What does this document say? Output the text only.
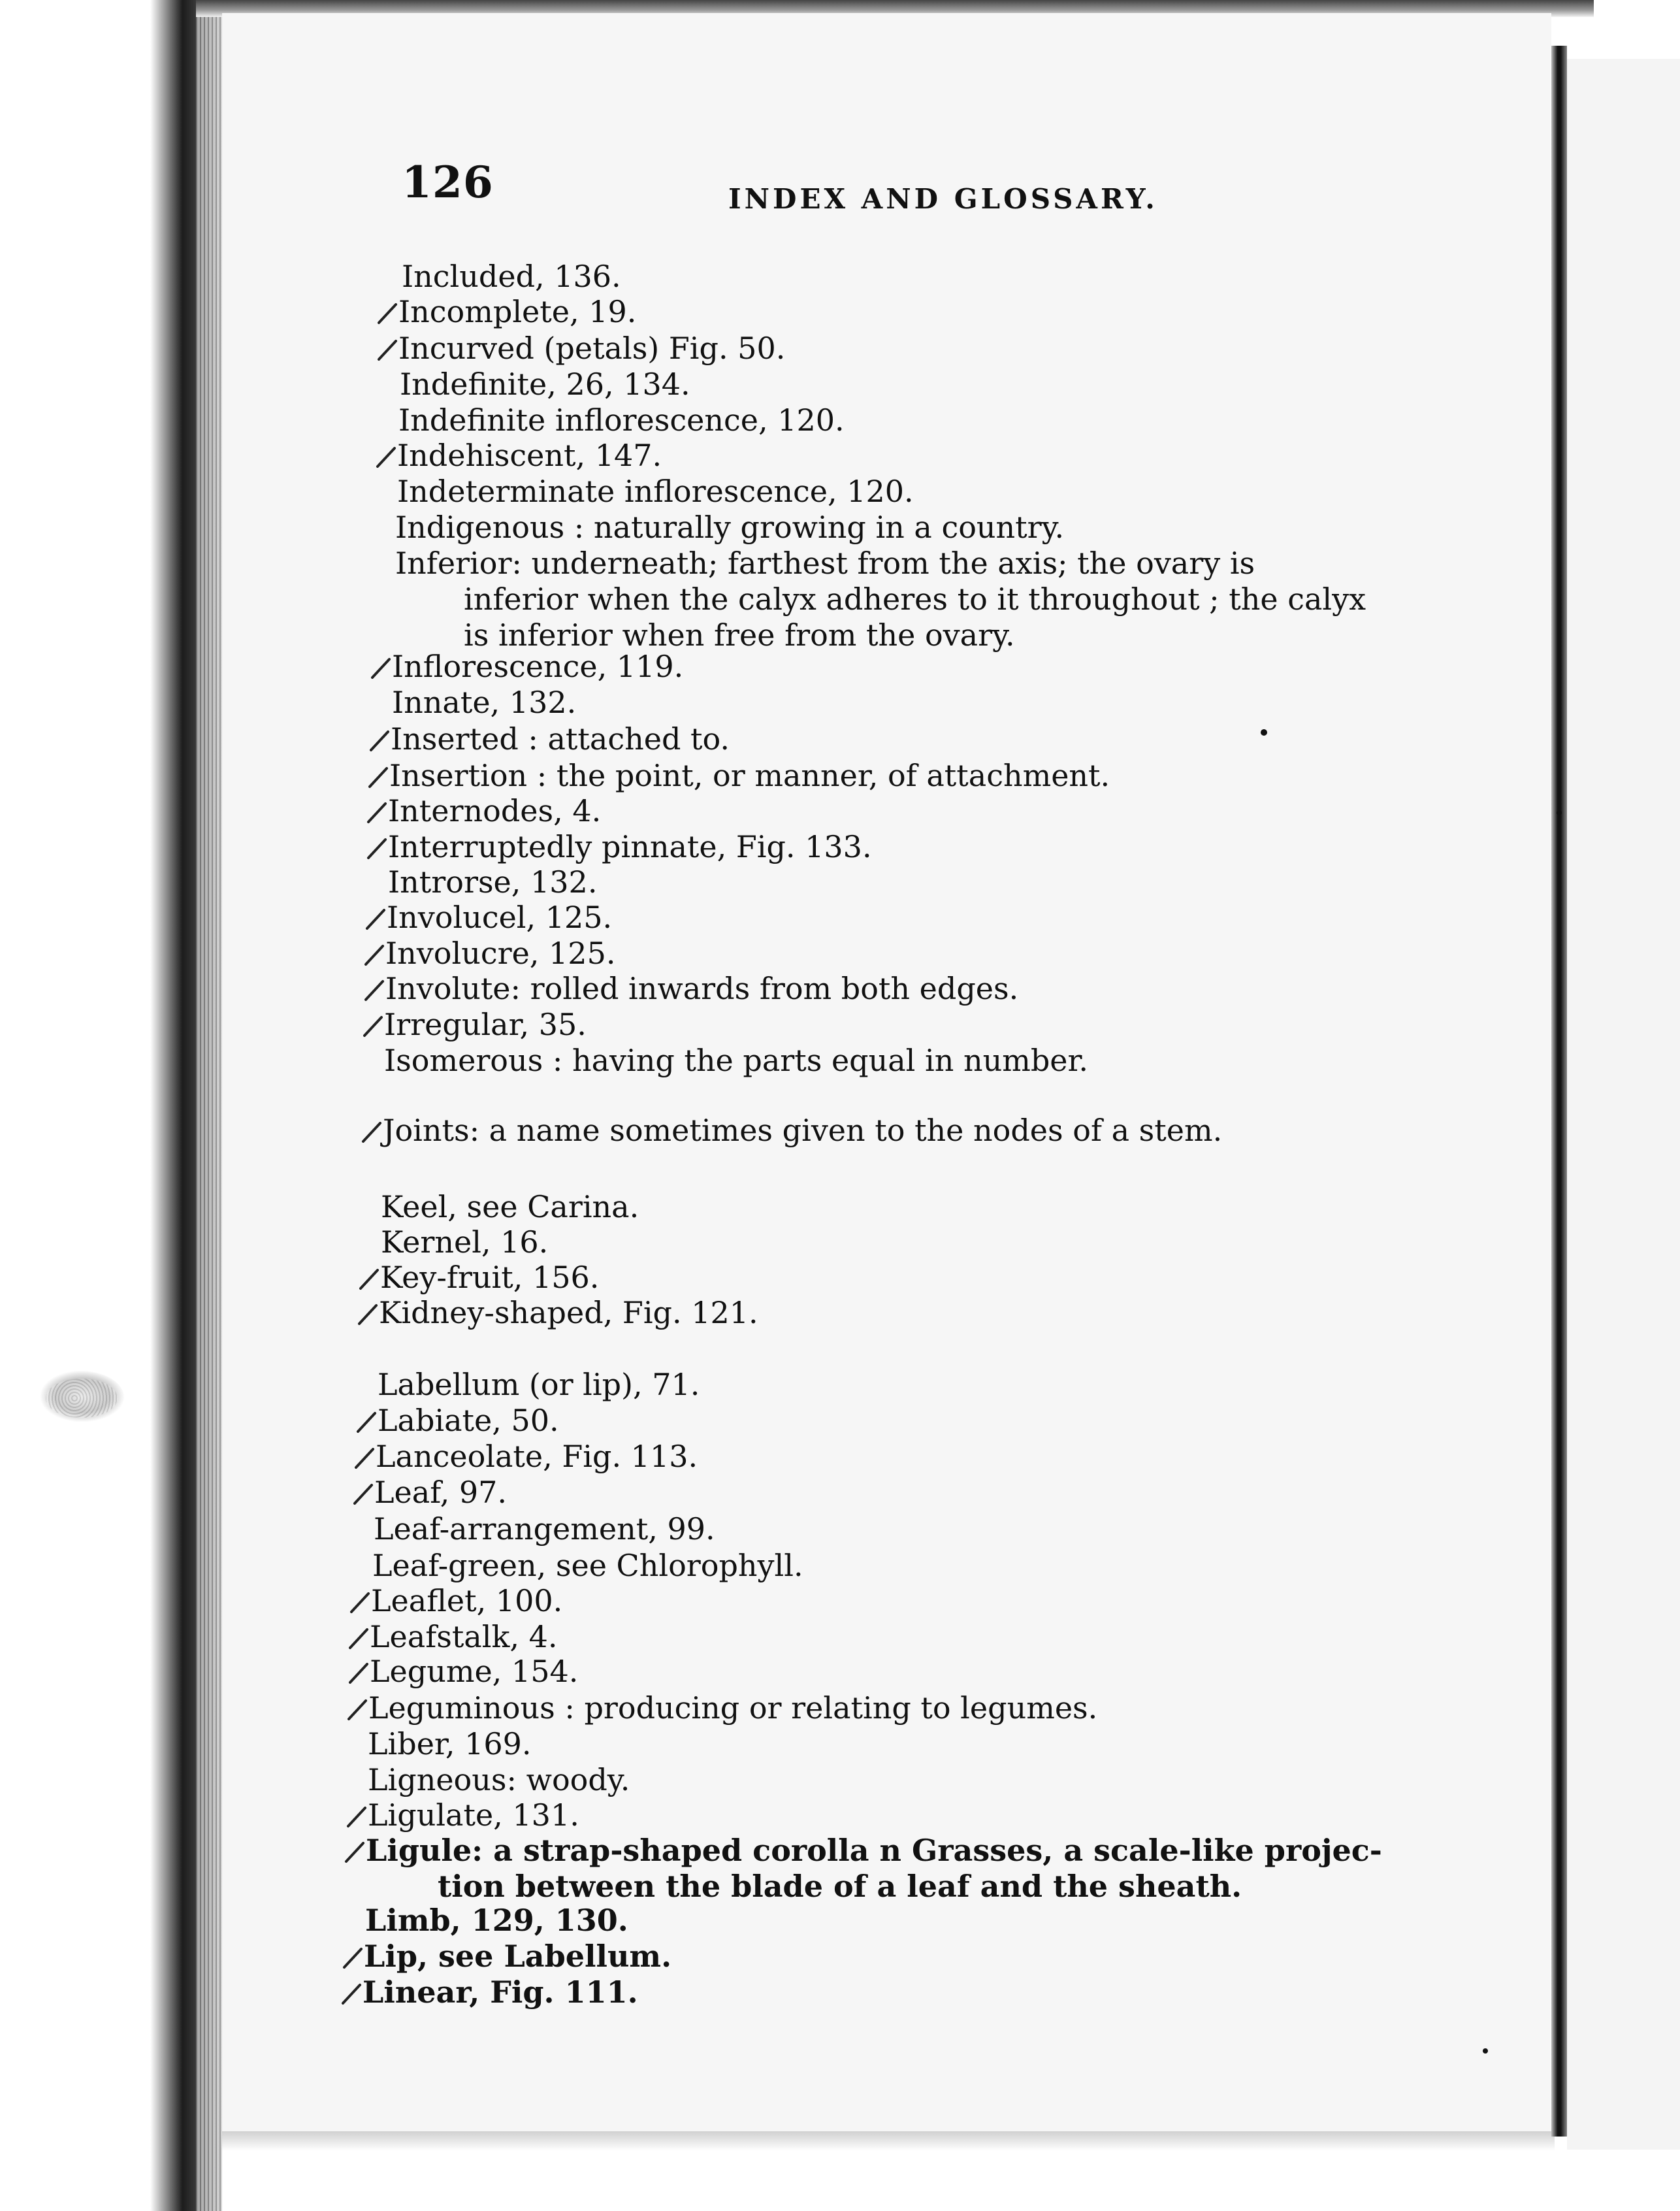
126	INDEX AND GLOSSARY.
Included, 136.
Incomplete, 19.
Incurved (petals) Fig. 50.
Indefinite, 26, 134.
Indefinite inflorescence, 120.
Indehiscent, 147.
Indeterminate inflorescence, 120.
Indigenous : naturally growing in a country.
Inferior: underneath; farthest from the axis; the ovary is
inferior when the calyx adheres to it throughout ; the calyx
is inferior when free from the ovary.
Inflorescence, 119.
Innate, 132.
Inserted : attached to.
Insertion : the point, or manner, of attachment.
Internodes, 4.
Interruptedly pinnate, Fig. 133.
Introrse, 132.
Involucel, 125.
Involucre, 125.
Involute: rolled inwards from both edges.
Irregular, 35.
Isomerous : having the parts equal in number.
Joints: a name sometimes given to the nodes of a stem.
Keel, see Carina.
Kernel, 16.
Key-fruit, 156.
Kidney-shaped, Fig. 121.
Labellum (or lip), 71.
Labiate, 50.
Lanceolate, Fig. 113.
Leaf, 97.
Leaf-arrangement, 99.
Leaf-green, see Chlorophyll.
Leaflet, 100.
Leafstalk, 4.
Legume, 154.
Leguminous : producing or relating to legumes.
Liber, 169.
Ligneous: woody.
Ligulate, 131.
Ligule: a strap-shaped corolla n Grasses, a scale-like projec-
tion between the blade of a leaf and the sheath.
Limb, 129, 130.
Lip, see Labellum.
Linear, Fig. 111.
